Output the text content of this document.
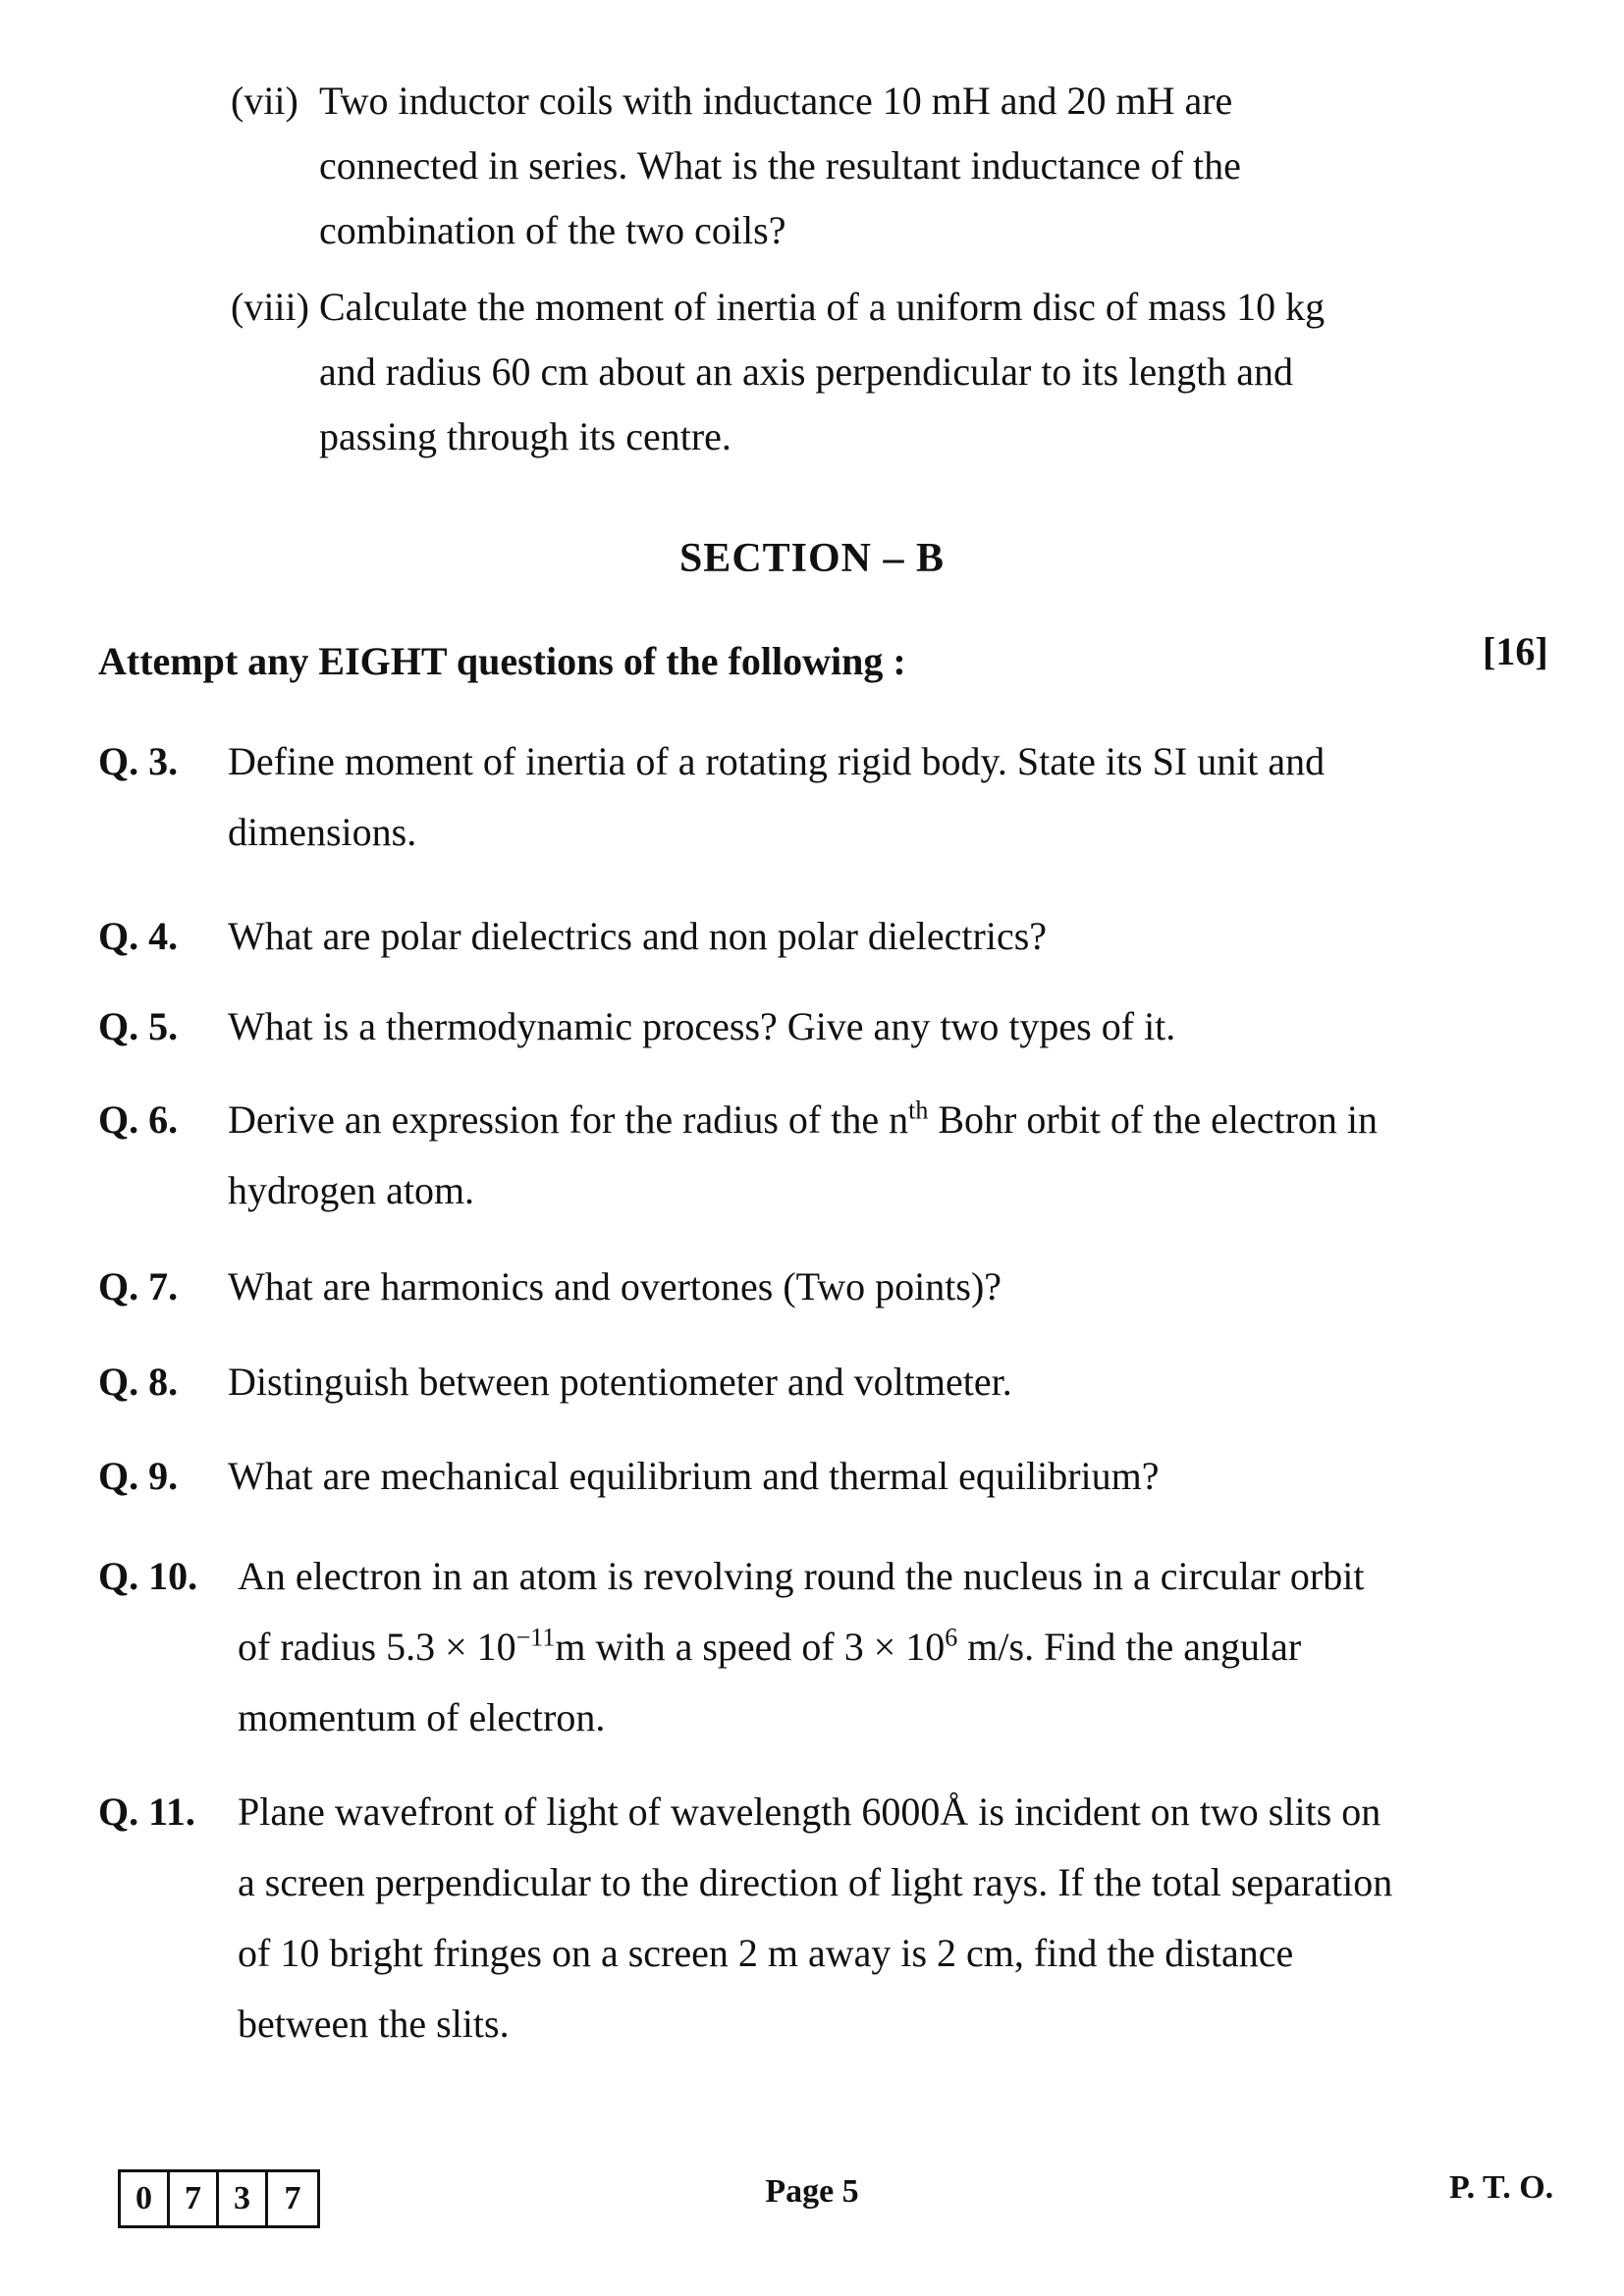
(vii) Two inductor coils with inductance 10 mH and 20 mH are connected in series. What is the resultant inductance of the combination of the two coils?
(viii) Calculate the moment of inertia of a uniform disc of mass 10 kg and radius 60 cm about an axis perpendicular to its length and passing through its centre.
SECTION – B
Attempt any EIGHT questions of the following :	[16]
Q. 3. Define moment of inertia of a rotating rigid body. State its SI unit and dimensions.
Q. 4. What are polar dielectrics and non polar dielectrics?
Q. 5. What is a thermodynamic process? Give any two types of it.
Q. 6. Derive an expression for the radius of the $n^{th}$ Bohr orbit of the electron in hydrogen atom.
Q. 7. What are harmonics and overtones (Two points)?
Q. 8. Distinguish between potentiometer and voltmeter.
Q. 9. What are mechanical equilibrium and thermal equilibrium?
Q. 10. An electron in an atom is revolving round the nucleus in a circular orbit of radius $5.3 \times 10^{-11}m$ with a speed of $3 \times 10^6$ m/s. Find the angular momentum of electron.
Q. 11. Plane wavefront of light of wavelength 6000Å is incident on two slits on a screen perpendicular to the direction of light rays. If the total separation of 10 bright fringes on a screen 2 m away is 2 cm, find the distance between the slits.
0 7 3	7	Page 5	P. T. O.
